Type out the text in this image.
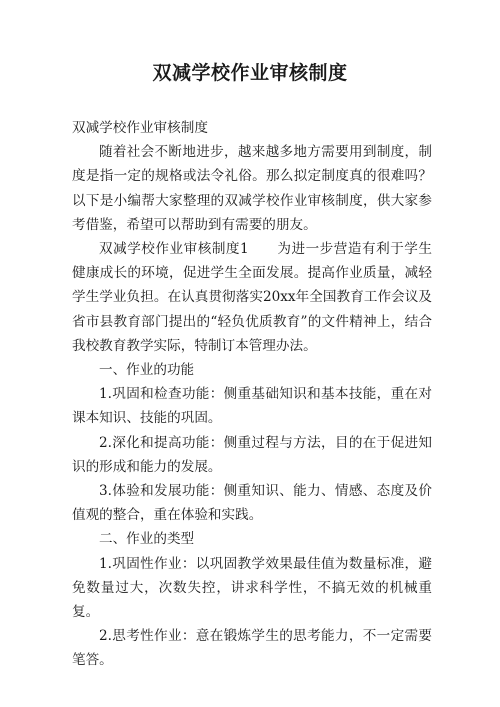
双减学校作业审核制度

双减学校作业审核制度

随着社会不断地进步，越来越多地方需要用到制度，制度是指一定的规格或法令礼俗。那么拟定制度真的很难吗？以下是小编帮大家整理的双减学校作业审核制度，供大家参考借鉴，希望可以帮助到有需要的朋友。

双减学校作业审核制度1　　为进一步营造有利于学生健康成长的环境，促进学生全面发展。提高作业质量，减轻学生学业负担。在认真贯彻落实20xx年全国教育工作会议及省市县教育部门提出的“轻负优质教育”的文件精神上，结合我校教育教学实际，特制订本管理办法。

一、作业的功能

1.巩固和检查功能：侧重基础知识和基本技能，重在对课本知识、技能的巩固。

2.深化和提高功能：侧重过程与方法，目的在于促进知识的形成和能力的发展。

3.体验和发展功能：侧重知识、能力、情感、态度及价值观的整合，重在体验和实践。

二、作业的类型

1.巩固性作业：以巩固教学效果最佳值为数量标准，避免数量过大，次数失控，讲求科学性，不搞无效的机械重复。

2.思考性作业：意在锻炼学生的思考能力，不一定需要笔答。
